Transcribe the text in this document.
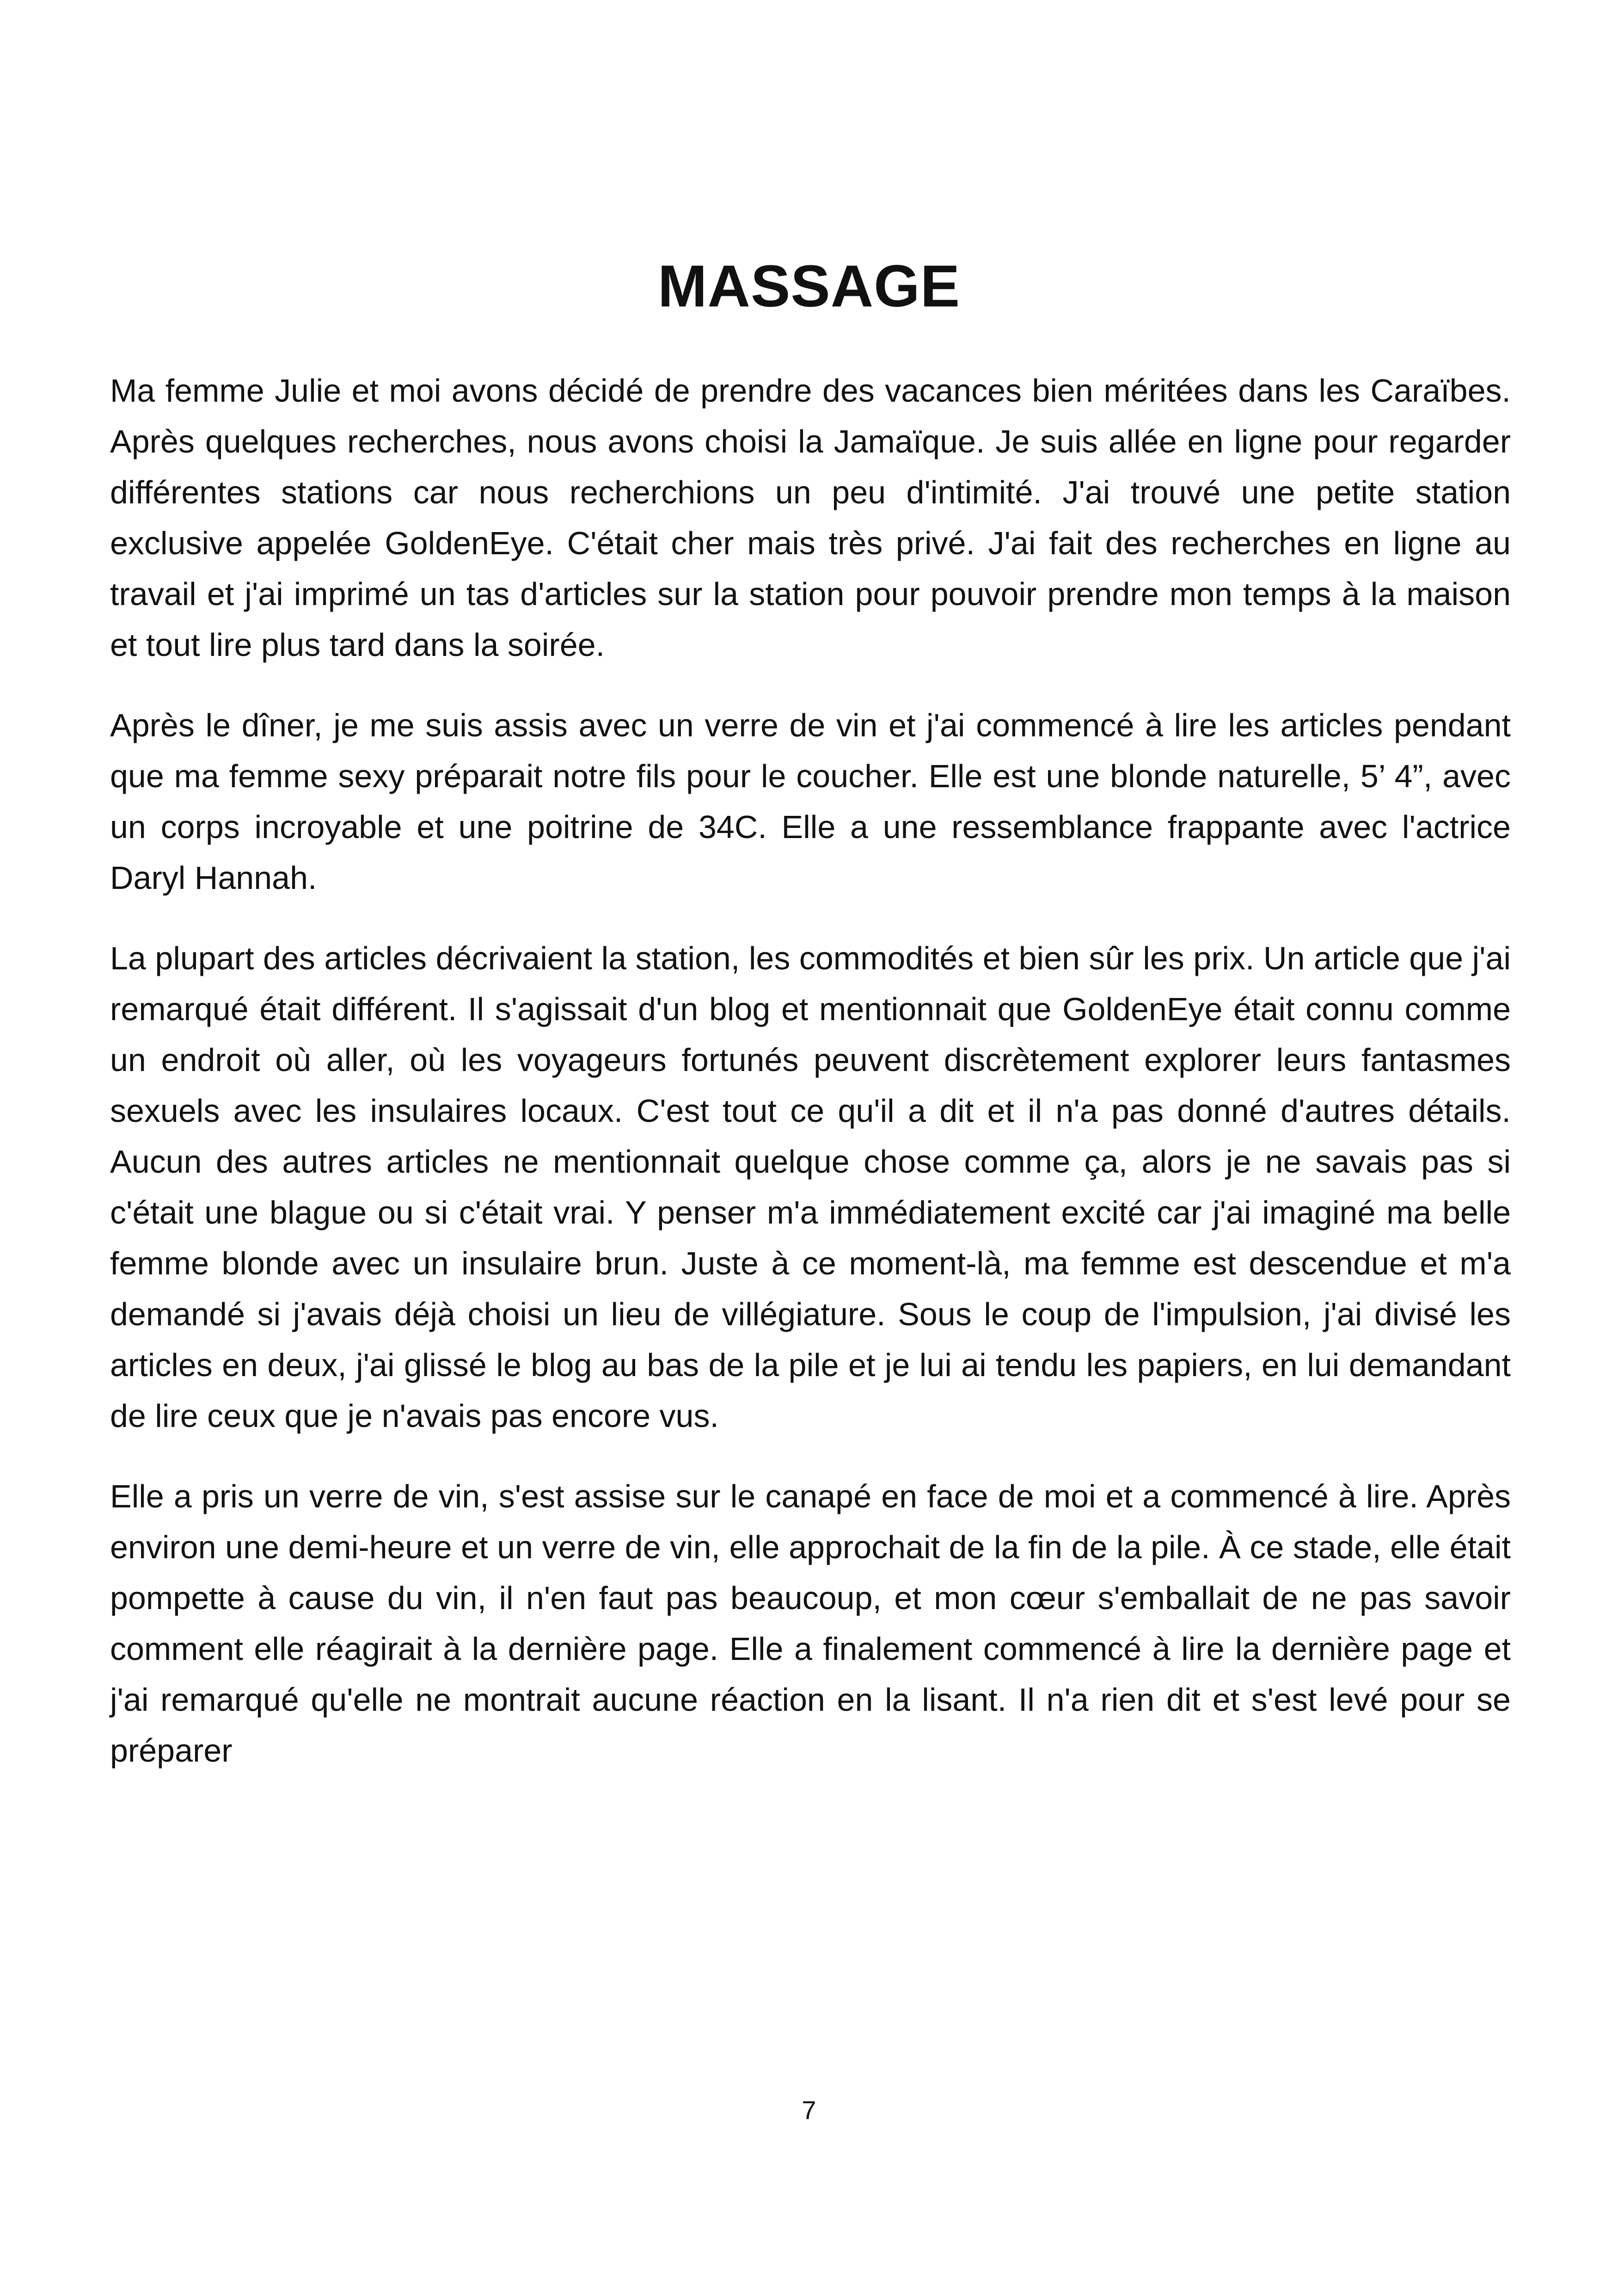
MASSAGE

Ma femme Julie et moi avons décidé de prendre des vacances bien méritées dans les Caraïbes. Après quelques recherches, nous avons choisi la Jamaïque. Je suis allée en ligne pour regarder différentes stations car nous recherchions un peu d'intimité. J'ai trouvé une petite station exclusive appelée GoldenEye. C'était cher mais très privé. J'ai fait des recherches en ligne au travail et j'ai imprimé un tas d'articles sur la station pour pouvoir prendre mon temps à la maison et tout lire plus tard dans la soirée.

Après le dîner, je me suis assis avec un verre de vin et j'ai commencé à lire les articles pendant que ma femme sexy préparait notre fils pour le coucher. Elle est une blonde naturelle, 5’ 4”, avec un corps incroyable et une poitrine de 34C. Elle a une ressemblance frappante avec l'actrice Daryl Hannah.

La plupart des articles décrivaient la station, les commodités et bien sûr les prix. Un article que j'ai remarqué était différent. Il s'agissait d'un blog et mentionnait que GoldenEye était connu comme un endroit où aller, où les voyageurs fortunés peuvent discrètement explorer leurs fantasmes sexuels avec les insulaires locaux. C'est tout ce qu'il a dit et il n'a pas donné d'autres détails. Aucun des autres articles ne mentionnait quelque chose comme ça, alors je ne savais pas si c'était une blague ou si c'était vrai. Y penser m'a immédiatement excité car j'ai imaginé ma belle femme blonde avec un insulaire brun. Juste à ce moment-là, ma femme est descendue et m'a demandé si j'avais déjà choisi un lieu de villégiature. Sous le coup de l'impulsion, j'ai divisé les articles en deux, j'ai glissé le blog au bas de la pile et je lui ai tendu les papiers, en lui demandant de lire ceux que je n'avais pas encore vus.

Elle a pris un verre de vin, s'est assise sur le canapé en face de moi et a commencé à lire. Après environ une demi-heure et un verre de vin, elle approchait de la fin de la pile. À ce stade, elle était pompette à cause du vin, il n'en faut pas beaucoup, et mon cœur s'emballait de ne pas savoir comment elle réagirait à la dernière page. Elle a finalement commencé à lire la dernière page et j'ai remarqué qu'elle ne montrait aucune réaction en la lisant. Il n'a rien dit et s'est levé pour se préparer

7
